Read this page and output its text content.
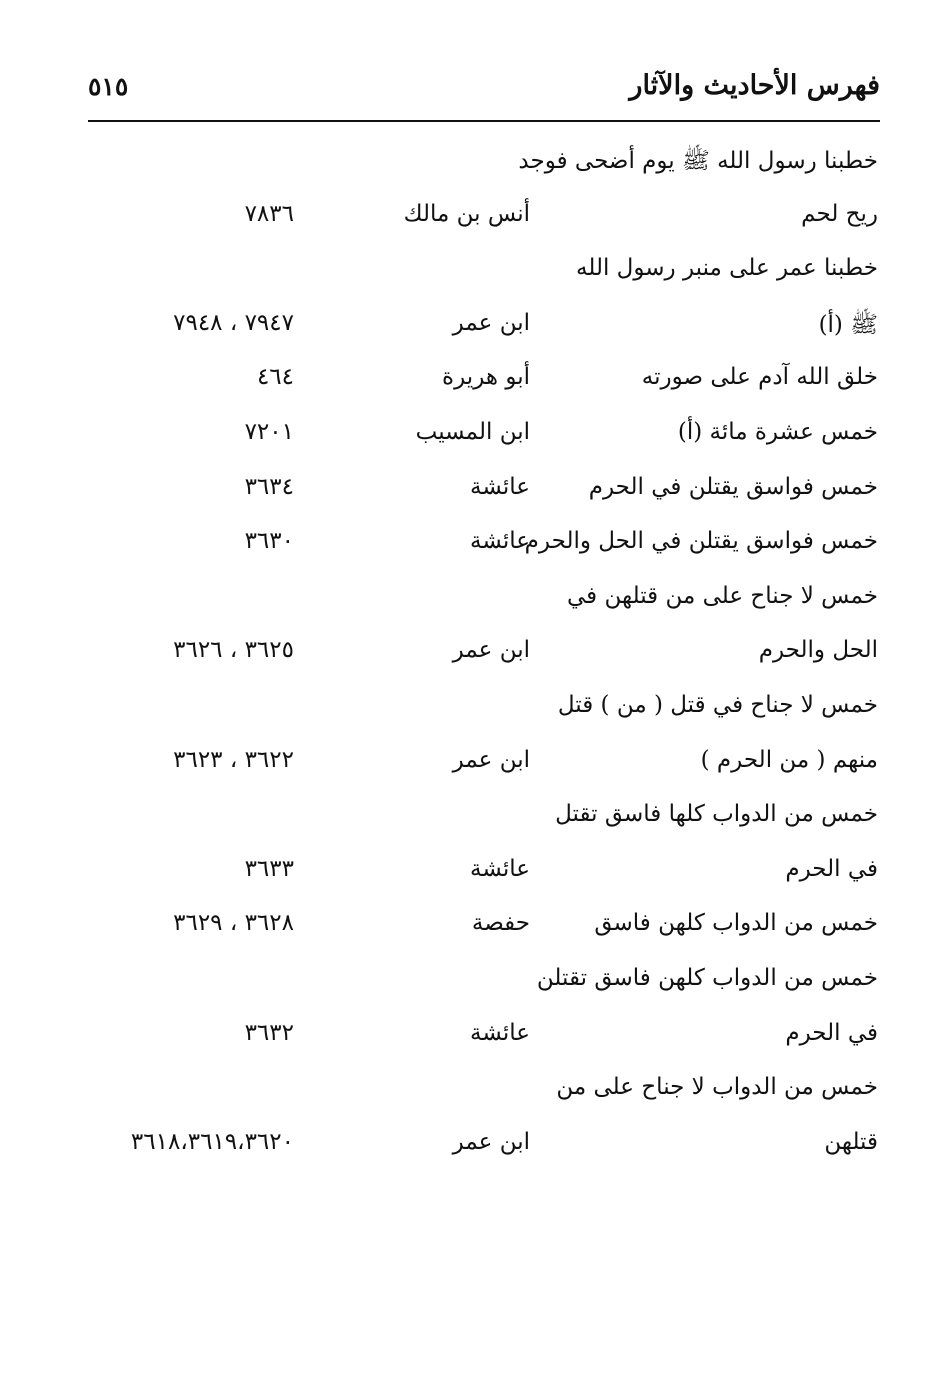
فهرس الأحاديث والآثار
٥١٥
خطبنا رسول الله ﷺ يوم أضحى فوجد
ريح لحم
أنس بن مالك
٧٨٣٦
خطبنا عمر على منبر رسول الله
ﷺ (أ)
ابن عمر
٧٩٤٧ ، ٧٩٤٨
خلق الله آدم على صورته
أبو هريرة
٤٦٤
خمس عشرة مائة (أ)
ابن المسيب
٧٢٠١
خمس فواسق يقتلن في الحرم
عائشة
٣٦٣٤
خمس فواسق يقتلن في الحل والحرم
عائشة
٣٦٣٠
خمس لا جناح على من قتلهن في
الحل والحرم
ابن عمر
٣٦٢٥ ، ٣٦٢٦
خمس لا جناح في قتل ( من ) قتل
منهم ( من الحرم )
ابن عمر
٣٦٢٢ ، ٣٦٢٣
خمس من الدواب كلها فاسق تقتل
في الحرم
عائشة
٣٦٣٣
خمس من الدواب كلهن فاسق
حفصة
٣٦٢٨ ، ٣٦٢٩
خمس من الدواب كلهن فاسق تقتلن
في الحرم
عائشة
٣٦٣٢
خمس من الدواب لا جناح على من
قتلهن
ابن عمر
٣٦١٨،٣٦١٩،٣٦٢٠
